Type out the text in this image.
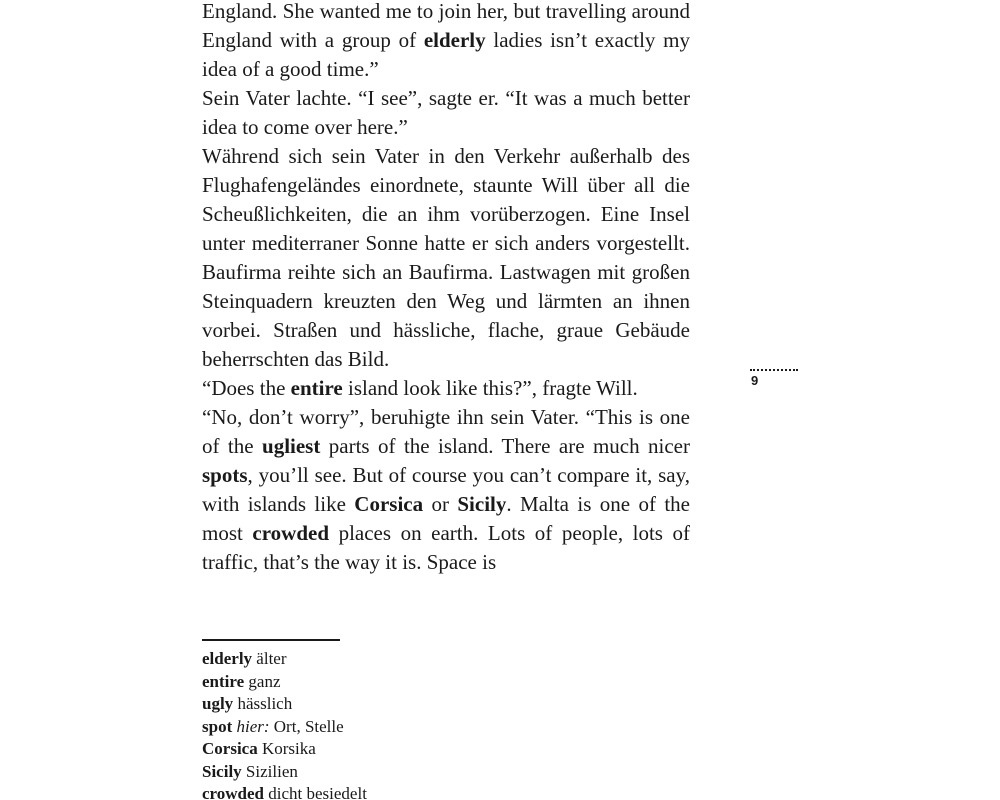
England. She wanted me to join her, but travelling around England with a group of elderly ladies isn’t exactly my idea of a good time.”

Sein Vater lachte. “I see”, sagte er. “It was a much better idea to come over here.”

Während sich sein Vater in den Verkehr außerhalb des Flughafengeländes einordnete, staunte Will über all die Scheußlichkeiten, die an ihm vorüberzogen. Eine Insel unter mediterraner Sonne hatte er sich anders vorgestellt. Baufirma reihte sich an Baufirma. Lastwagen mit großen Steinquadern kreuzten den Weg und lärmten an ihnen vorbei. Straßen und hässliche, flache, graue Gebäude beherrschten das Bild.

“Does the entire island look like this?”, fragte Will.

“No, don’t worry”, beruhigte ihn sein Vater. “This is one of the ugliest parts of the island. There are much nicer spots, you’ll see. But of course you can’t compare it, say, with islands like Corsica or Sicily. Malta is one of the most crowded places on earth. Lots of people, lots of traffic, that’s the way it is. Space is

9
elderly älter
entire ganz
ugly hässlich
spot hier: Ort, Stelle
Corsica Korsika
Sicily Sizilien
crowded dicht besiedelt
